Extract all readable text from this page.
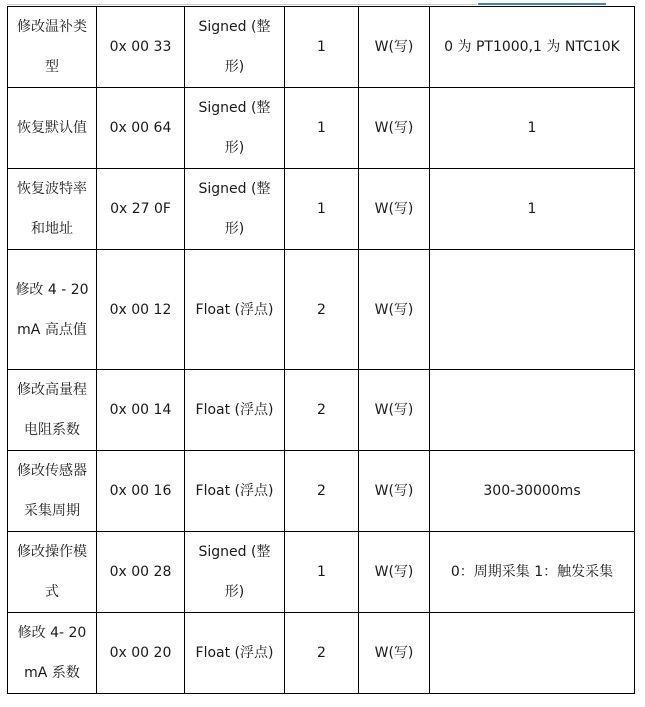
修改温补类型	0x 00 33	Signed (整形)	1	W(写)	0 为 PT1000,1 为 NTC10K
恢复默认值	0x 00 64	Signed (整形)	1	W(写)	1
恢复波特率和地址	0x 27 0F	Signed (整形)	1	W(写)	1
修改 4 - 20mA 高点值	0x 00 12	Float (浮点)	2	W(写)	
修改高量程电阻系数	0x 00 14	Float (浮点)	2	W(写)	
修改传感器采集周期	0x 00 16	Float (浮点)	2	W(写)	300-30000ms
修改操作模式	0x 00 28	Signed (整形)	1	W(写)	0：周期采集 1：触发采集
修改 4- 20mA 系数	0x 00 20	Float (浮点)	2	W(写)	
